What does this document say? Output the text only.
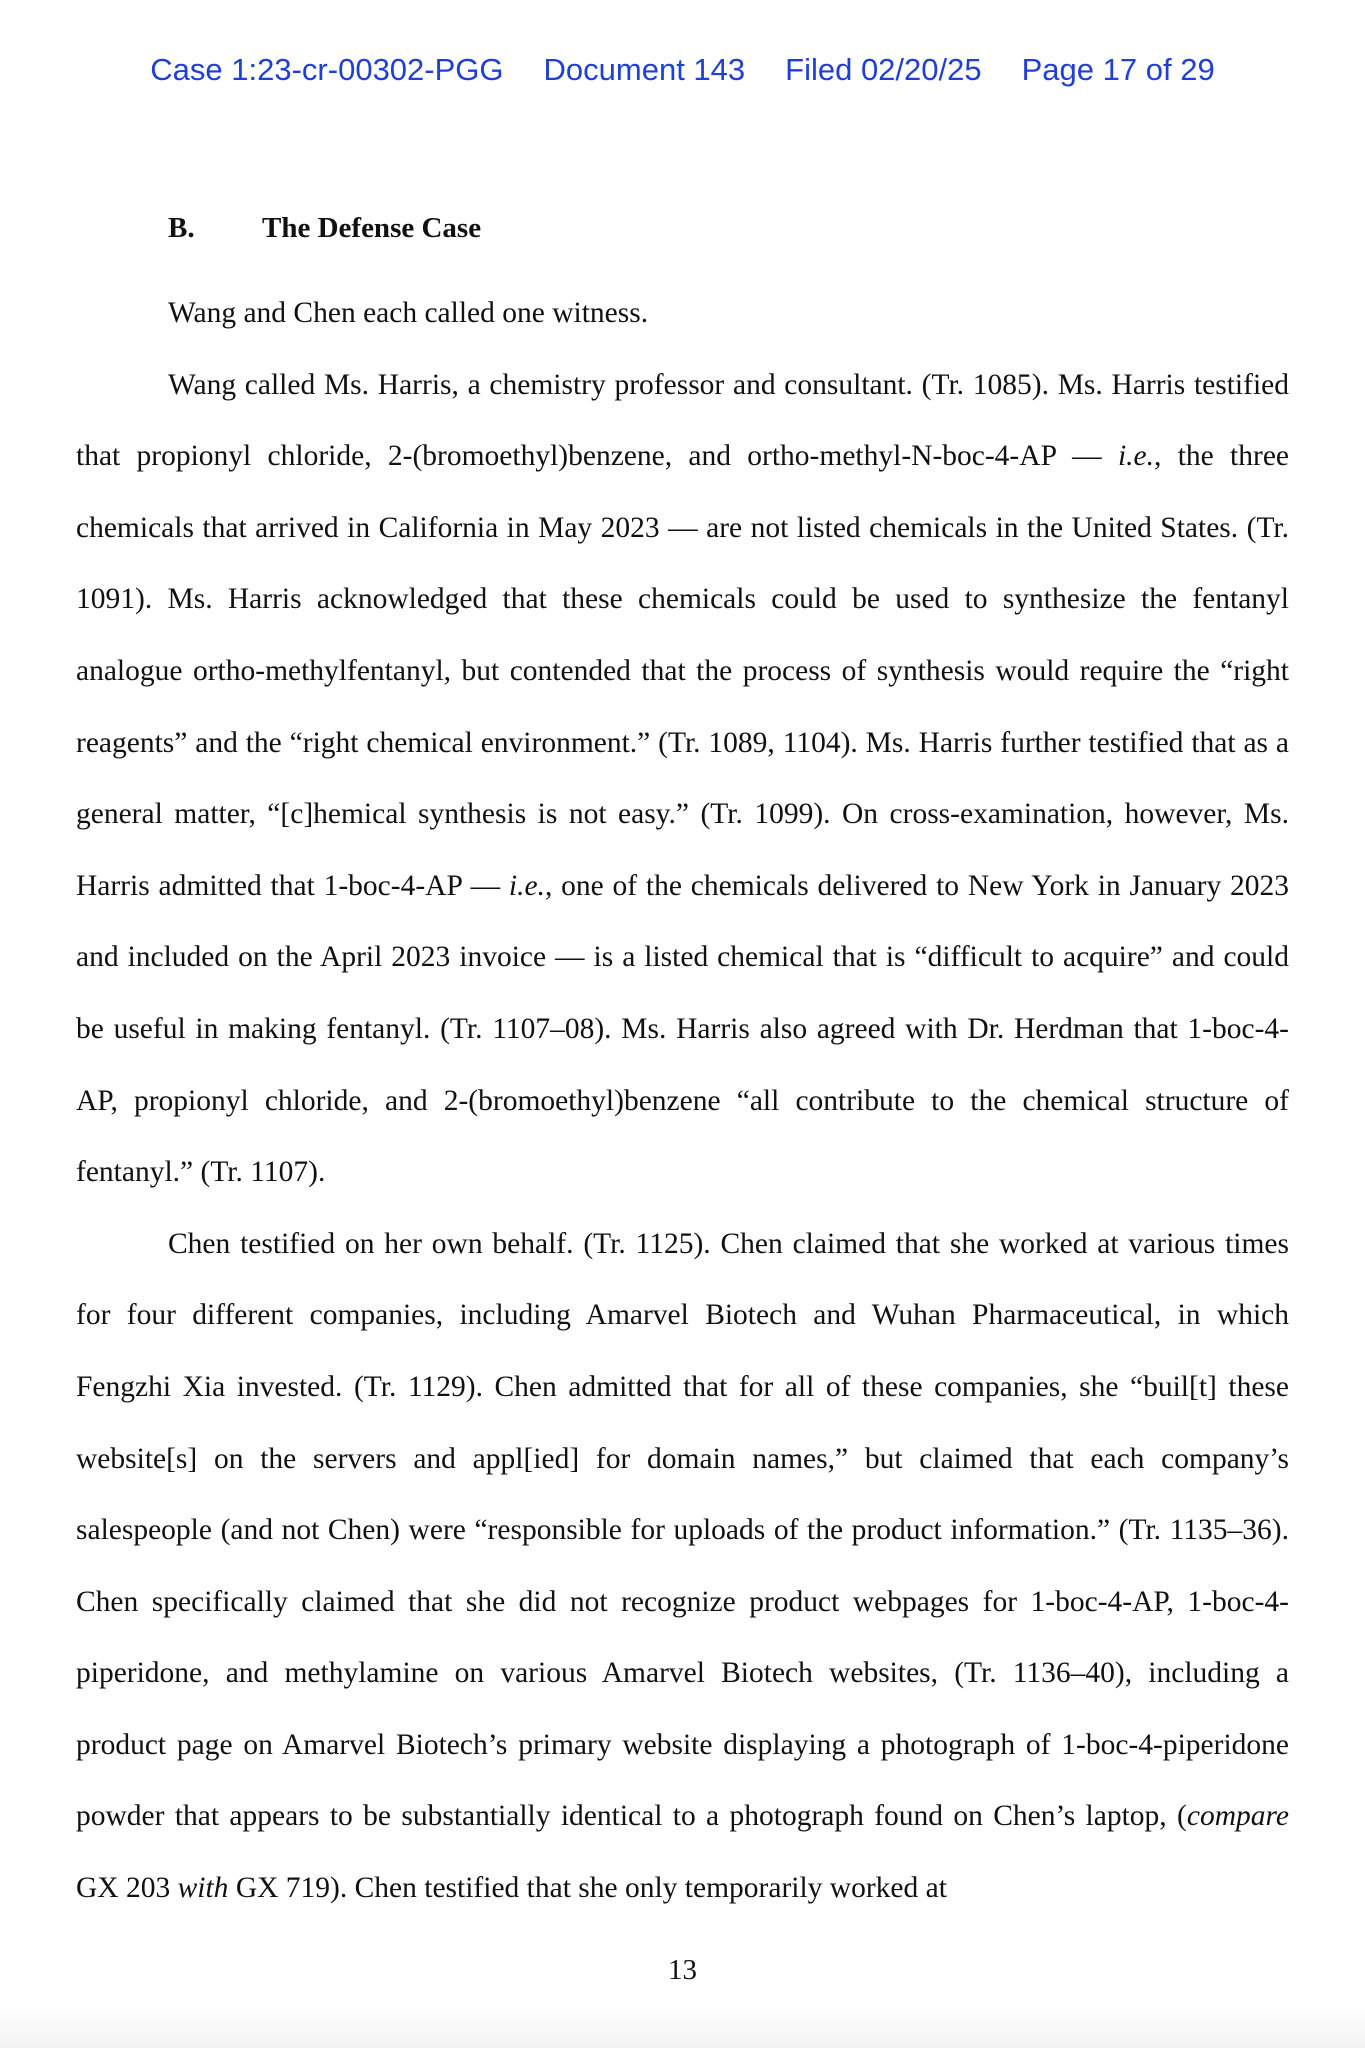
Case 1:23-cr-00302-PGG Document 143 Filed 02/20/25 Page 17 of 29
B. The Defense Case

Wang and Chen each called one witness.

Wang called Ms. Harris, a chemistry professor and consultant. (Tr. 1085). Ms. Harris testified that propionyl chloride, 2-(bromoethyl)benzene, and ortho-methyl-N-boc-4-AP — i.e., the three chemicals that arrived in California in May 2023 — are not listed chemicals in the United States. (Tr. 1091). Ms. Harris acknowledged that these chemicals could be used to synthesize the fentanyl analogue ortho-methylfentanyl, but contended that the process of synthesis would require the “right reagents” and the “right chemical environment.” (Tr. 1089, 1104). Ms. Harris further testified that as a general matter, “[c]hemical synthesis is not easy.” (Tr. 1099). On cross-examination, however, Ms. Harris admitted that 1-boc-4-AP — i.e., one of the chemicals delivered to New York in January 2023 and included on the April 2023 invoice — is a listed chemical that is “difficult to acquire” and could be useful in making fentanyl. (Tr. 1107–08). Ms. Harris also agreed with Dr. Herdman that 1-boc-4-AP, propionyl chloride, and 2-(bromoethyl)benzene “all contribute to the chemical structure of fentanyl.” (Tr. 1107).

Chen testified on her own behalf. (Tr. 1125). Chen claimed that she worked at various times for four different companies, including Amarvel Biotech and Wuhan Pharmaceutical, in which Fengzhi Xia invested. (Tr. 1129). Chen admitted that for all of these companies, she “buil[t] these website[s] on the servers and appl[ied] for domain names,” but claimed that each company’s salespeople (and not Chen) were “responsible for uploads of the product information.” (Tr. 1135–36). Chen specifically claimed that she did not recognize product webpages for 1-boc-4-AP, 1-boc-4-piperidone, and methylamine on various Amarvel Biotech websites, (Tr. 1136–40), including a product page on Amarvel Biotech’s primary website displaying a photograph of 1-boc-4-piperidone powder that appears to be substantially identical to a photograph found on Chen’s laptop, (compare GX 203 with GX 719). Chen testified that she only temporarily worked at

13
